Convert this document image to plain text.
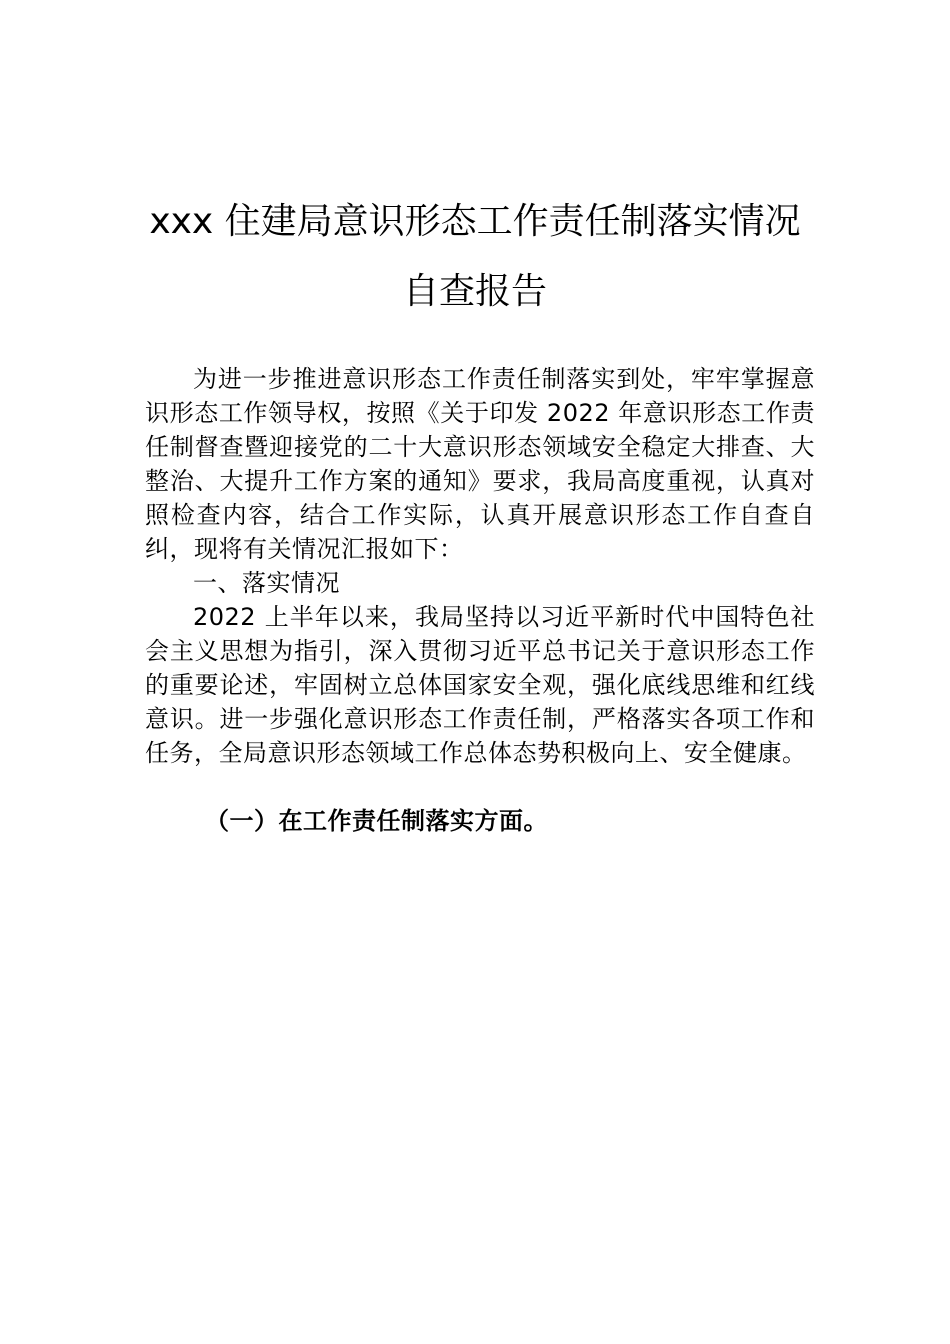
xxx 住建局意识形态工作责任制落实情况
自查报告

为进一步推进意识形态工作责任制落实到处，牢牢掌握意识形态工作领导权，按照《关于印发 2022 年意识形态工作责任制督查暨迎接党的二十大意识形态领域安全稳定大排查、大整治、大提升工作方案的通知》要求，我局高度重视，认真对照检查内容，结合工作实际，认真开展意识形态工作自查自纠，现将有关情况汇报如下：

一、落实情况

2022 上半年以来，我局坚持以习近平新时代中国特色社会主义思想为指引，深入贯彻习近平总书记关于意识形态工作的重要论述，牢固树立总体国家安全观，强化底线思维和红线意识。进一步强化意识形态工作责任制，严格落实各项工作和任务，全局意识形态领域工作总体态势积极向上、安全健康。

（一）在工作责任制落实方面。
